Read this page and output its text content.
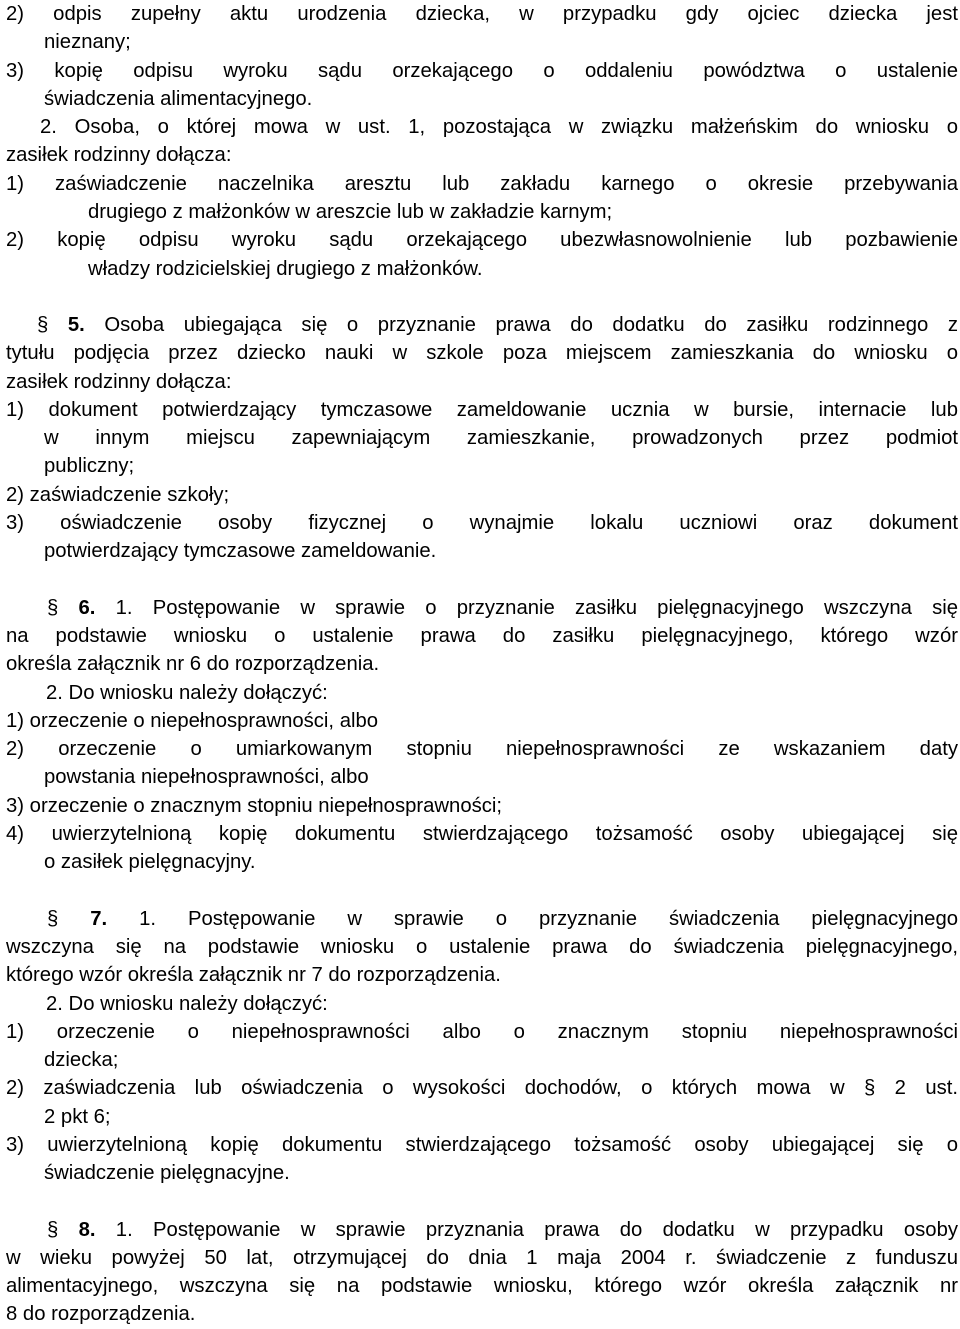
2) odpis zupełny aktu urodzenia dziecka, w przypadku gdy ojciec dziecka jest
nieznany;
3) kopię odpisu wyroku sądu orzekającego o oddaleniu powództwa o ustalenie
świadczenia alimentacyjnego.
2. Osoba, o której mowa w ust. 1, pozostająca w związku małżeńskim do wniosku o
zasiłek rodzinny dołącza:
1) zaświadczenie naczelnika aresztu lub zakładu karnego o okresie przebywania
drugiego z małżonków w areszcie lub w zakładzie karnym;
2) kopię odpisu wyroku sądu orzekającego ubezwłasnowolnienie lub pozbawienie
władzy rodzicielskiej drugiego z małżonków.
§ 5. Osoba ubiegająca się o przyznanie prawa do dodatku do zasiłku rodzinnego z
tytułu podjęcia przez dziecko nauki w szkole poza miejscem zamieszkania do wniosku o
zasiłek rodzinny dołącza:
1) dokument potwierdzający tymczasowe zameldowanie ucznia w bursie, internacie lub
w innym miejscu zapewniającym zamieszkanie, prowadzonych przez podmiot
publiczny;
2) zaświadczenie szkoły;
3) oświadczenie osoby fizycznej o wynajmie lokalu uczniowi oraz dokument
potwierdzający tymczasowe zameldowanie.
§ 6. 1. Postępowanie w sprawie o przyznanie zasiłku pielęgnacyjnego wszczyna się
na podstawie wniosku o ustalenie prawa do zasiłku pielęgnacyjnego, którego wzór
określa załącznik nr 6 do rozporządzenia.
2. Do wniosku należy dołączyć:
1) orzeczenie o niepełnosprawności, albo
2) orzeczenie o umiarkowanym stopniu niepełnosprawności ze wskazaniem daty
powstania niepełnosprawności, albo
3) orzeczenie o znacznym stopniu niepełnosprawności;
4) uwierzytelnioną kopię dokumentu stwierdzającego tożsamość osoby ubiegającej się
o zasiłek pielęgnacyjny.
§ 7. 1. Postępowanie w sprawie o przyznanie świadczenia pielęgnacyjnego
wszczyna się na podstawie wniosku o ustalenie prawa do świadczenia pielęgnacyjnego,
którego wzór określa załącznik nr 7 do rozporządzenia.
2. Do wniosku należy dołączyć:
1) orzeczenie o niepełnosprawności albo o znacznym stopniu niepełnosprawności
dziecka;
2) zaświadczenia lub oświadczenia o wysokości dochodów, o których mowa w § 2 ust.
2 pkt 6;
3) uwierzytelnioną kopię dokumentu stwierdzającego tożsamość osoby ubiegającej się o
świadczenie pielęgnacyjne.
§ 8. 1. Postępowanie w sprawie przyznania prawa do dodatku w przypadku osoby
w wieku powyżej 50 lat, otrzymującej do dnia 1 maja 2004 r. świadczenie z funduszu
alimentacyjnego, wszczyna się na podstawie wniosku, którego wzór określa załącznik nr
8 do rozporządzenia.
